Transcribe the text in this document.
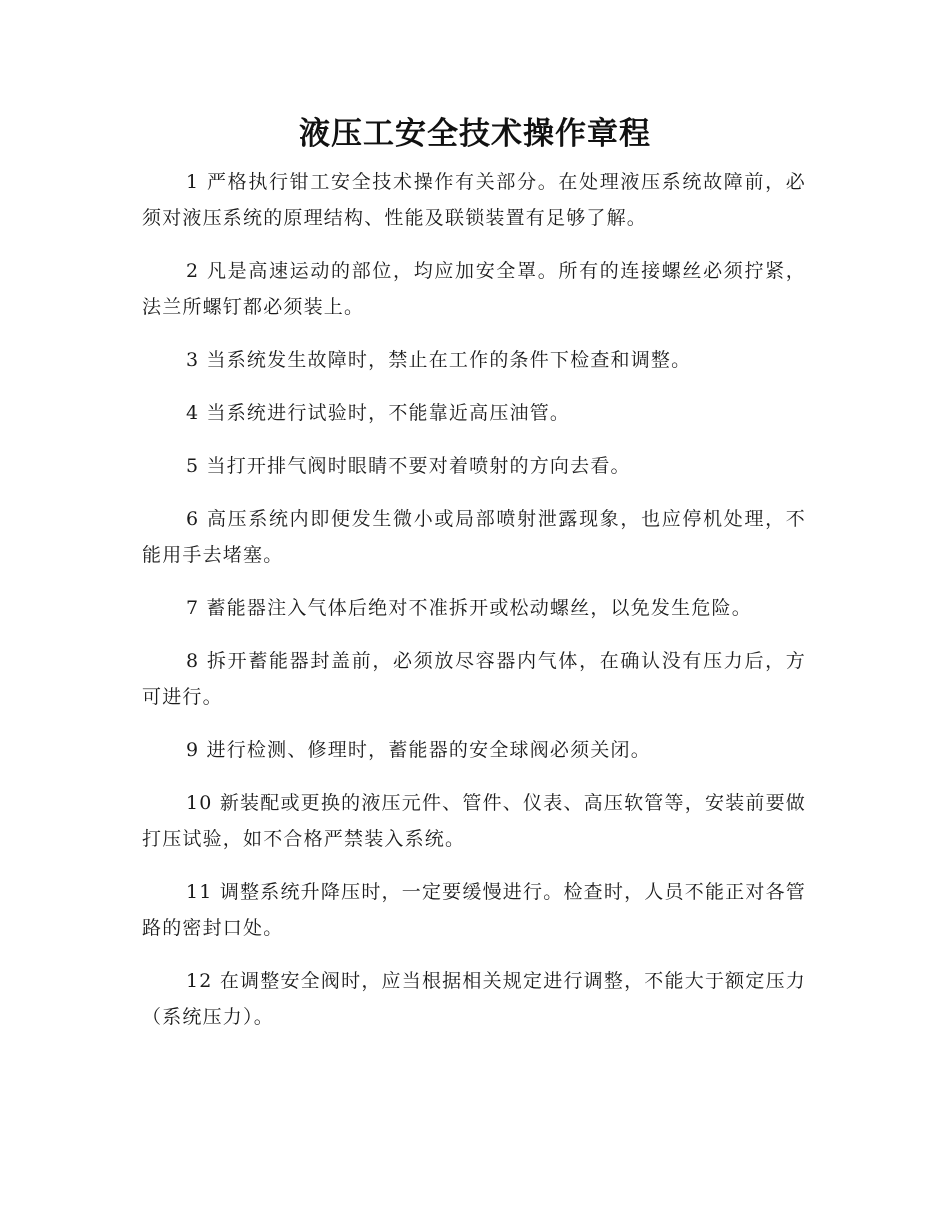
液压工安全技术操作章程

1 严格执行钳工安全技术操作有关部分。在处理液压系统故障前，必须对液压系统的原理结构、性能及联锁装置有足够了解。

2 凡是高速运动的部位，均应加安全罩。所有的连接螺丝必须拧紧，法兰所螺钉都必须装上。

3 当系统发生故障时，禁止在工作的条件下检查和调整。

4 当系统进行试验时，不能靠近高压油管。

5 当打开排气阀时眼睛不要对着喷射的方向去看。

6 高压系统内即便发生微小或局部喷射泄露现象，也应停机处理，不能用手去堵塞。

7 蓄能器注入气体后绝对不准拆开或松动螺丝，以免发生危险。

8 拆开蓄能器封盖前，必须放尽容器内气体，在确认没有压力后，方可进行。

9 进行检测、修理时，蓄能器的安全球阀必须关闭。

10 新装配或更换的液压元件、管件、仪表、高压软管等，安装前要做打压试验，如不合格严禁装入系统。

11 调整系统升降压时，一定要缓慢进行。检查时，人员不能正对各管路的密封口处。

12 在调整安全阀时，应当根据相关规定进行调整，不能大于额定压力（系统压力）。
